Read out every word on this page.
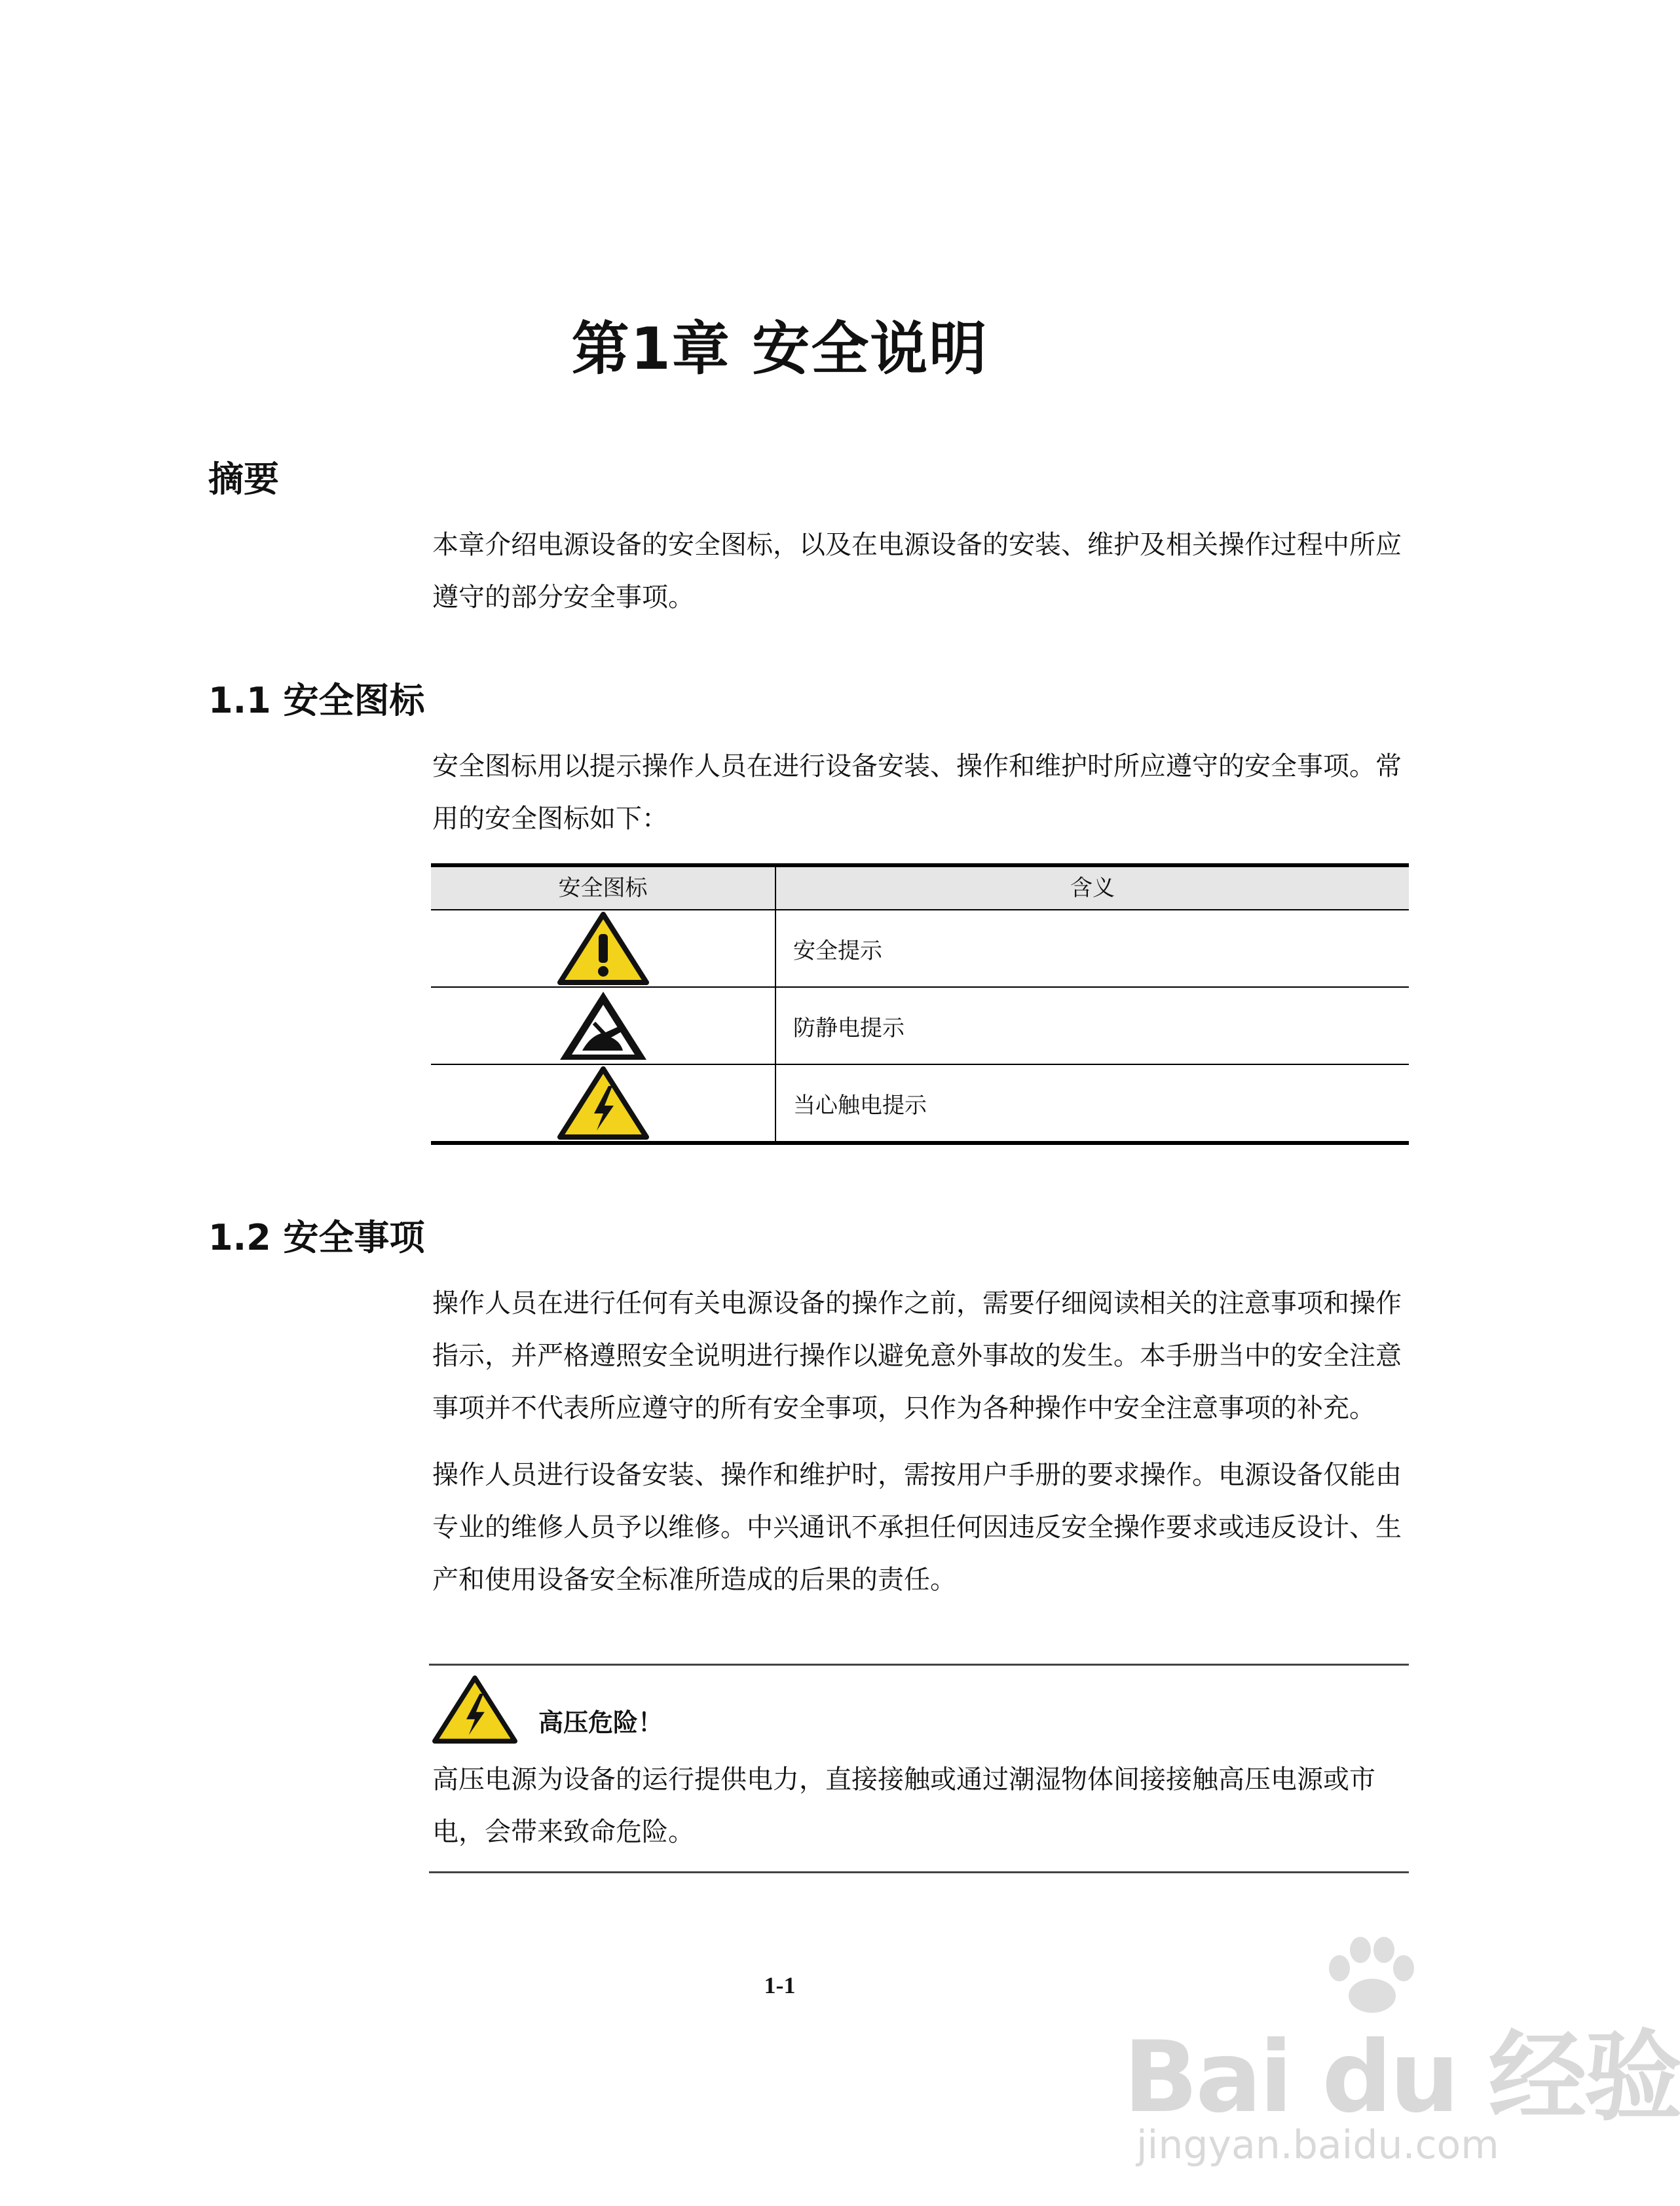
第1章 安全说明
摘要

本章介绍电源设备的安全图标，以及在电源设备的安装、维护及相关操作过程中所应遵守的部分安全事项。

1.1 安全图标

安全图标用以提示操作人员在进行设备安装、操作和维护时所应遵守的安全事项。常用的安全图标如下：

安全图标	含义
安全提示
防静电提示
当心触电提示
1.2 安全事项

操作人员在进行任何有关电源设备的操作之前，需要仔细阅读相关的注意事项和操作指示，并严格遵照安全说明进行操作以避免意外事故的发生。本手册当中的安全注意事项并不代表所应遵守的所有安全事项，只作为各种操作中安全注意事项的补充。

操作人员进行设备安装、操作和维护时，需按用户手册的要求操作。电源设备仅能由专业的维修人员予以维修。中兴通讯不承担任何因违反安全操作要求或违反设计、生产和使用设备安全标准所造成的后果的责任。

高压危险！
高压电源为设备的运行提供电力，直接接触或通过潮湿物体间接接触高压电源或市电，会带来致命危险。
1-1
Bai du 经验
jingyan.baidu.com
